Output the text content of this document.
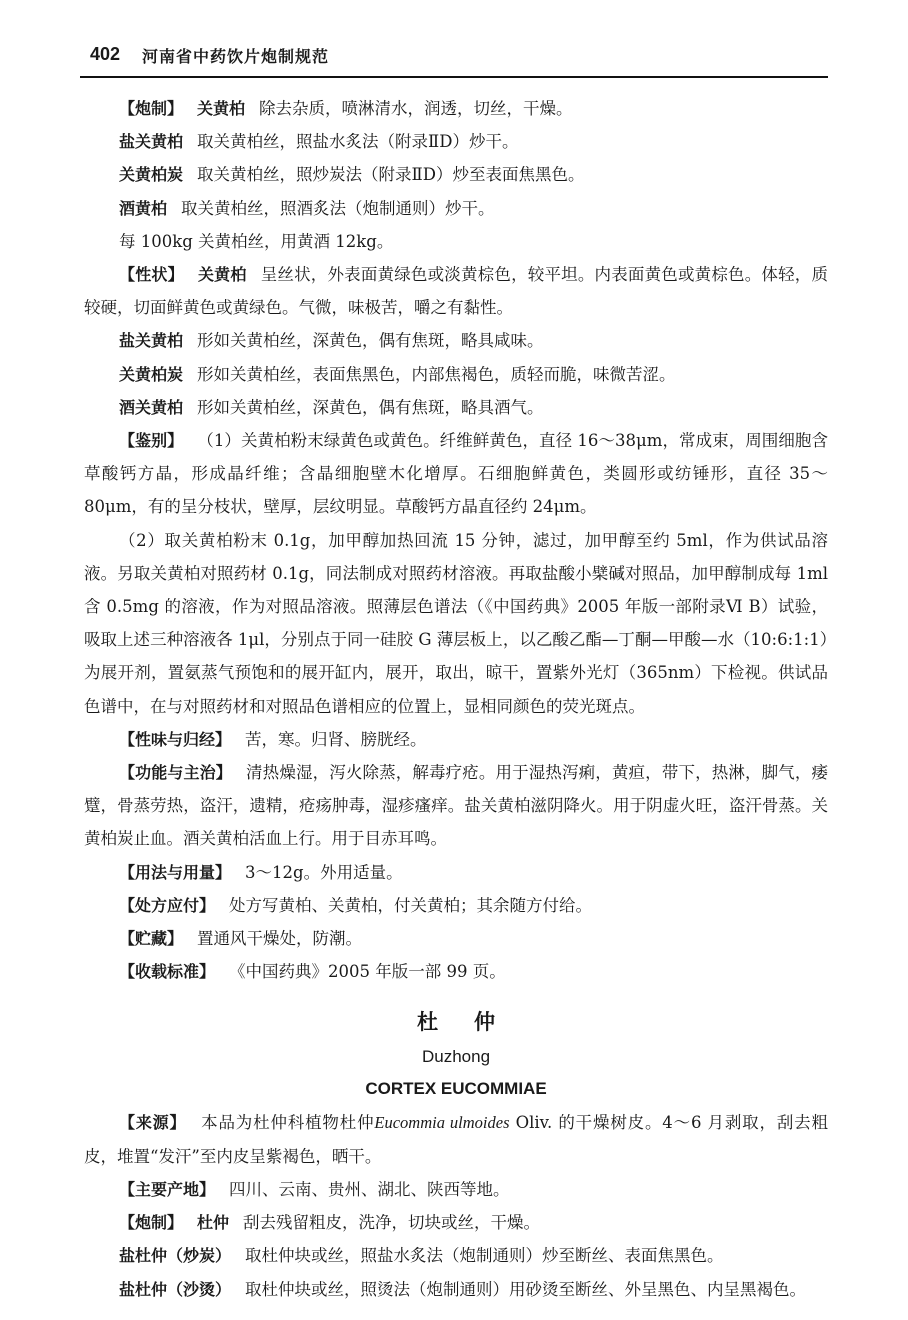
402 河南省中药饮片炮制规范

【炮制】 关黄柏 除去杂质，喷淋清水，润透，切丝，干燥。

盐关黄柏 取关黄柏丝，照盐水炙法（附录ⅡD）炒干。

关黄柏炭 取关黄柏丝，照炒炭法（附录ⅡD）炒至表面焦黑色。

酒黄柏 取关黄柏丝，照酒炙法（炮制通则）炒干。

每 100kg 关黄柏丝，用黄酒 12kg。

【性状】 关黄柏 呈丝状，外表面黄绿色或淡黄棕色，较平坦。内表面黄色或黄棕色。体轻，质较硬，切面鲜黄色或黄绿色。气微，味极苦，嚼之有黏性。

盐关黄柏 形如关黄柏丝，深黄色，偶有焦斑，略具咸味。

关黄柏炭 形如关黄柏丝，表面焦黑色，内部焦褐色，质轻而脆，味微苦涩。

酒关黄柏 形如关黄柏丝，深黄色，偶有焦斑，略具酒气。

【鉴别】 （1）关黄柏粉末绿黄色或黄色。纤维鲜黄色，直径 16～38μm，常成束，周围细胞含草酸钙方晶，形成晶纤维；含晶细胞壁木化增厚。石细胞鲜黄色，类圆形或纺锤形，直径 35～80μm，有的呈分枝状，壁厚，层纹明显。草酸钙方晶直径约 24μm。

（2）取关黄柏粉末 0.1g，加甲醇加热回流 15 分钟，滤过，加甲醇至约 5ml，作为供试品溶液。另取关黄柏对照药材 0.1g，同法制成对照药材溶液。再取盐酸小檗碱对照品，加甲醇制成每 1ml 含 0.5mg 的溶液，作为对照品溶液。照薄层色谱法（《中国药典》2005 年版一部附录Ⅵ B）试验，吸取上述三种溶液各 1μl，分别点于同一硅胶 G 薄层板上，以乙酸乙酯—丁酮—甲酸—水（10:6:1:1）为展开剂，置氨蒸气预饱和的展开缸内，展开，取出，晾干，置紫外光灯（365nm）下检视。供试品色谱中，在与对照药材和对照品色谱相应的位置上，显相同颜色的荧光斑点。

【性味与归经】 苦，寒。归肾、膀胱经。

【功能与主治】 清热燥湿，泻火除蒸，解毒疗疮。用于湿热泻痢，黄疸，带下，热淋，脚气，痿躄，骨蒸劳热，盗汗，遗精，疮疡肿毒，湿疹瘙痒。盐关黄柏滋阴降火。用于阴虚火旺，盗汗骨蒸。关黄柏炭止血。酒关黄柏活血上行。用于目赤耳鸣。

【用法与用量】 3～12g。外用适量。

【处方应付】 处方写黄柏、关黄柏，付关黄柏；其余随方付给。

【贮藏】 置通风干燥处，防潮。

【收载标准】 《中国药典》2005 年版一部 99 页。

杜仲
Duzhong
CORTEX EUCOMMIAE

【来源】 本品为杜仲科植物杜仲Eucommia ulmoides Oliv. 的干燥树皮。4～6 月剥取，刮去粗皮，堆置“发汗”至内皮呈紫褐色，晒干。

【主要产地】 四川、云南、贵州、湖北、陕西等地。

【炮制】 杜仲 刮去残留粗皮，洗净，切块或丝，干燥。

盐杜仲（炒炭） 取杜仲块或丝，照盐水炙法（炮制通则）炒至断丝、表面焦黑色。

盐杜仲（沙烫） 取杜仲块或丝，照烫法（炮制通则）用砂烫至断丝、外呈黑色、内呈黑褐色。
